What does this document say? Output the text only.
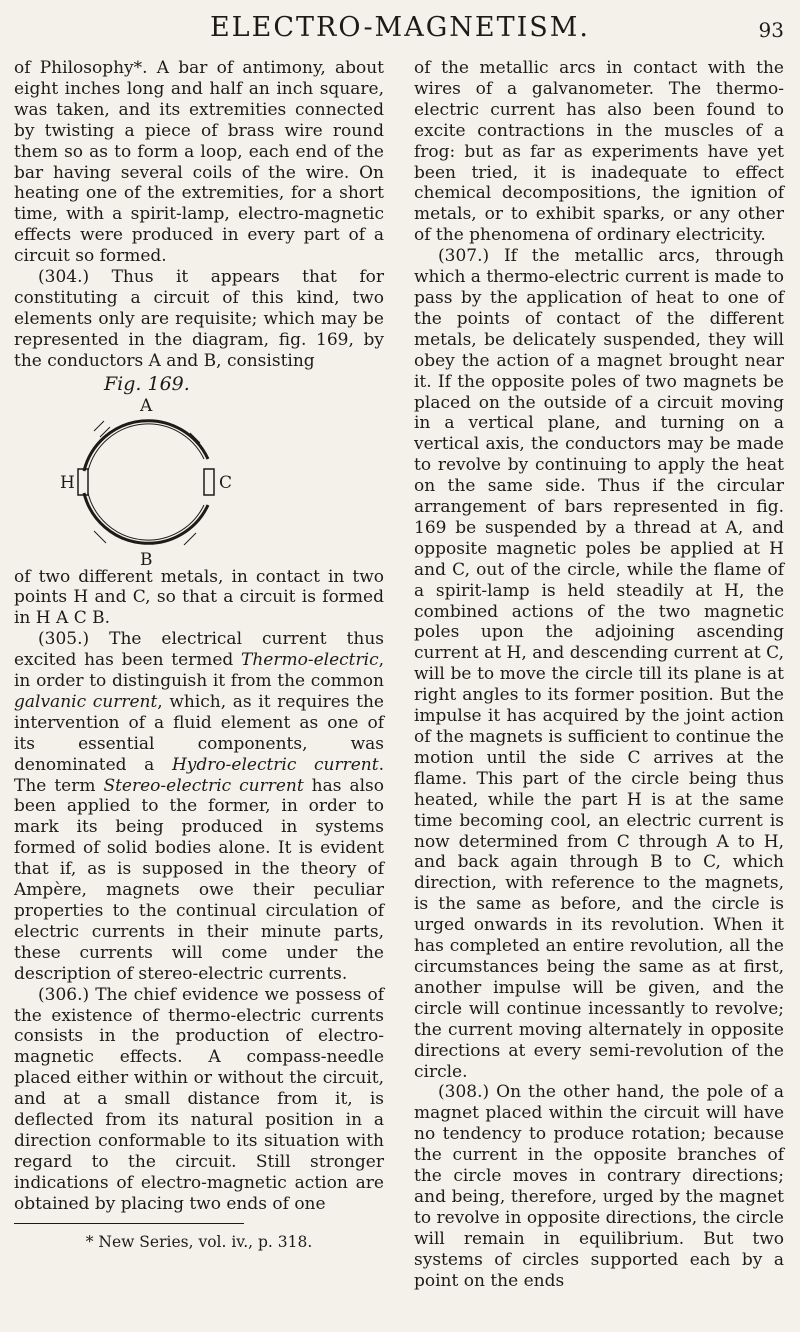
ELECTRO-MAGNETISM.	93

of Philosophy*. A bar of antimony, about eight inches long and half an inch square, was taken, and its extremities connected by twisting a piece of brass wire round them so as to form a loop, each end of the bar having several coils of the wire. On heating one of the extremities, for a short time, with a spirit-lamp, electro-magnetic effects were produced in every part of a circuit so formed.

(304.) Thus it appears that for constituting a circuit of this kind, two elements only are requisite; which may be represented in the diagram, fig. 169, by the conductors A and B, consisting

Fig. 169.
A
H	C
B

of two different metals, in contact in two points H and C, so that a circuit is formed in H A C B.

(305.) The electrical current thus excited has been termed Thermo-electric, in order to distinguish it from the common galvanic current, which, as it requires the intervention of a fluid element as one of its essential components, was denominated a Hydro-electric current. The term Stereo-electric current has also been applied to the former, in order to mark its being produced in systems formed of solid bodies alone. It is evident that if, as is supposed in the theory of Ampère, magnets owe their peculiar properties to the continual circulation of electric currents in their minute parts, these currents will come under the description of stereo-electric currents.

(306.) The chief evidence we possess of the existence of thermo-electric currents consists in the production of electro-magnetic effects. A compass-needle placed either within or without the circuit, and at a small distance from it, is deflected from its natural position in a direction conformable to its situation with regard to the circuit. Still stronger indications of electro-magnetic action are obtained by placing two ends of one

* New Series, vol. iv., p. 318.

of the metallic arcs in contact with the wires of a galvanometer. The thermo-electric current has also been found to excite contractions in the muscles of a frog: but as far as experiments have yet been tried, it is inadequate to effect chemical decompositions, the ignition of metals, or to exhibit sparks, or any other of the phenomena of ordinary electricity.

(307.) If the metallic arcs, through which a thermo-electric current is made to pass by the application of heat to one of the points of contact of the different metals, be delicately suspended, they will obey the action of a magnet brought near it. If the opposite poles of two magnets be placed on the outside of a circuit moving in a vertical plane, and turning on a vertical axis, the conductors may be made to revolve by continuing to apply the heat on the same side. Thus if the circular arrangement of bars represented in fig. 169 be suspended by a thread at A, and opposite magnetic poles be applied at H and C, out of the circle, while the flame of a spirit-lamp is held steadily at H, the combined actions of the two magnetic poles upon the adjoining ascending current at H, and descending current at C, will be to move the circle till its plane is at right angles to its former position. But the impulse it has acquired by the joint action of the magnets is sufficient to continue the motion until the side C arrives at the flame. This part of the circle being thus heated, while the part H is at the same time becoming cool, an electric current is now determined from C through A to H, and back again through B to C, which direction, with reference to the magnets, is the same as before, and the circle is urged onwards in its revolution. When it has completed an entire revolution, all the circumstances being the same as at first, another impulse will be given, and the circle will continue incessantly to revolve; the current moving alternately in opposite directions at every semi-revolution of the circle.

(308.) On the other hand, the pole of a magnet placed within the circuit will have no tendency to produce rotation; because the current in the opposite branches of the circle moves in contrary directions; and being, therefore, urged by the magnet to revolve in opposite directions, the circle will remain in equilibrium. But two systems of circles supported each by a point on the ends
